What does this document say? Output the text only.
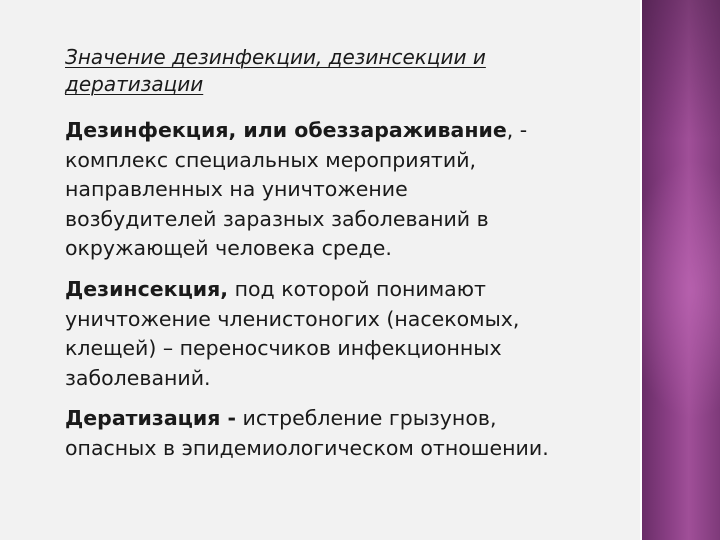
Значение дезинфекции, дезинсекции и
дератизации
Дезинфекция, или обеззараживание, -
комплекс специальных мероприятий,
направленных на уничтожение
возбудителей заразных заболеваний в
окружающей человека среде.
Дезинсекция, под которой понимают
уничтожение членистоногих (насекомых,
клещей) – переносчиков инфекционных
заболеваний.
Дератизация - истребление грызунов,
опасных в эпидемиологическом отношении.
